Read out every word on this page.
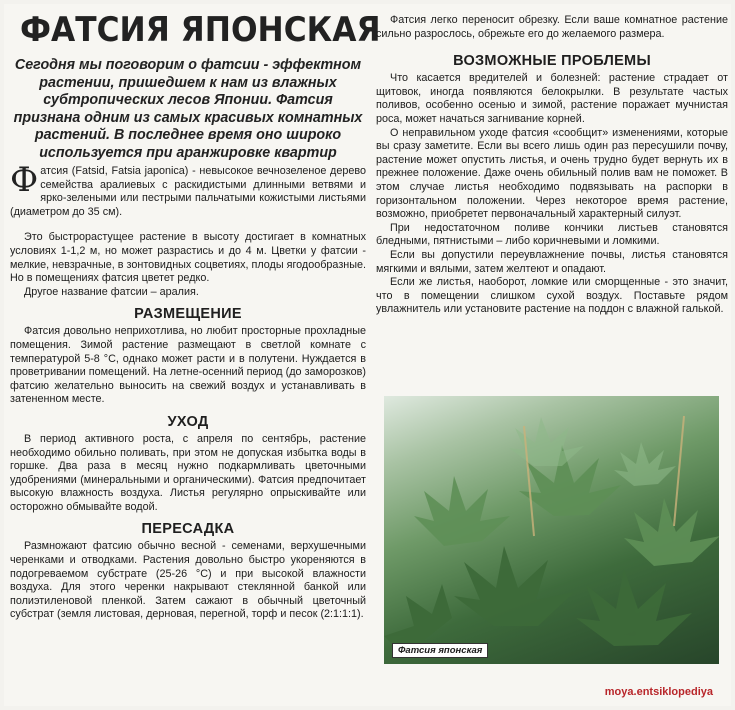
ФАТСИЯ ЯПОНСКАЯ
Сегодня мы поговорим о фатсии - эффектном растении, пришедшем к нам из влажных субтропических лесов Японии. Фатсия признана одним из самых красивых комнатных растений. В последнее время оно широко используется при аранжировке квартир
Ф атсия (Fatsid, Fatsia japonica) - невысокое вечнозеленое дерево семейства аралиевых с раскидистыми длинными ветвями и ярко-зелеными или пестрыми пальчатыми кожистыми листьями (диаметром до 35 см).

Это быстрорастущее растение в высоту достигает в комнатных условиях 1-1,2 м, но может разрастись и до 4 м. Цветки у фатсии - мелкие, невзрачные, в зонтовидных соцветиях, плоды ягодообразные. Но в помещениях фатсия цветет редко.

Другое название фатсии – аралия.

РАЗМЕЩЕНИЕ

Фатсия довольно неприхотлива, но любит просторные прохладные помещения. Зимой растение размещают в светлой комнате с температурой 5-8 °С, однако может расти и в полутени. Нуждается в проветривании помещений. На летне-осенний период (до заморозков) фатсию желательно выносить на свежий воздух и устанавливать в затененном месте.

УХОД

В период активного роста, с апреля по сентябрь, растение необходимо обильно поливать, при этом не допуская избытка воды в горшке. Два раза в месяц нужно подкармливать цветочными удобрениями (минеральными и органическими). Фатсия предпочитает высокую влажность воздуха. Листья регулярно опрыскивайте или осторожно обмывайте водой.

ПЕРЕСАДКА

Размножают фатсию обычно весной - семенами, верхушечными черенками и отводками. Растения довольно быстро укореняются в подогреваемом субстрате (25-26 °С) и при высокой влажности воздуха. Для этого черенки накрывают стеклянной банкой или полиэтиленовой пленкой. Затем сажают в обычный цветочный субстрат (земля листовая, дерновая, перегной, торф и песок (2:1:1:1).

Фатсия легко переносит обрезку. Если ваше комнатное растение сильно разрослось, обрежьте его до желаемого размера.

ВОЗМОЖНЫЕ ПРОБЛЕМЫ

Что касается вредителей и болезней: растение страдает от щитовок, иногда появляются белокрылки. В результате частых поливов, особенно осенью и зимой, растение поражает мучнистая роса, может начаться загнивание корней.

О неправильном уходе фатсия «сообщит» изменениями, которые вы сразу заметите. Если вы всего лишь один раз пересушили почву, растение может опустить листья, и очень трудно будет вернуть их в прежнее положение. Даже очень обильный полив вам не поможет. В этом случае листья необходимо подвязывать на распорки в горизонтальном положении. Через некоторое время растение, возможно, приобретет первоначальный характерный силуэт.

При недостаточном поливе кончики листьев становятся бледными, пятнистыми – либо коричневыми и ломкими.

Если вы допустили переувлажнение почвы, листья становятся мягкими и вялыми, затем желтеют и опадают.

Если же листья, наоборот, ломкие или сморщенные - это значит, что в помещении слишком сухой воздух. Поставьте рядом увлажнитель или установите растение на поддон с влажной галькой.

Фатсия японская
moya.entsiklopediya
